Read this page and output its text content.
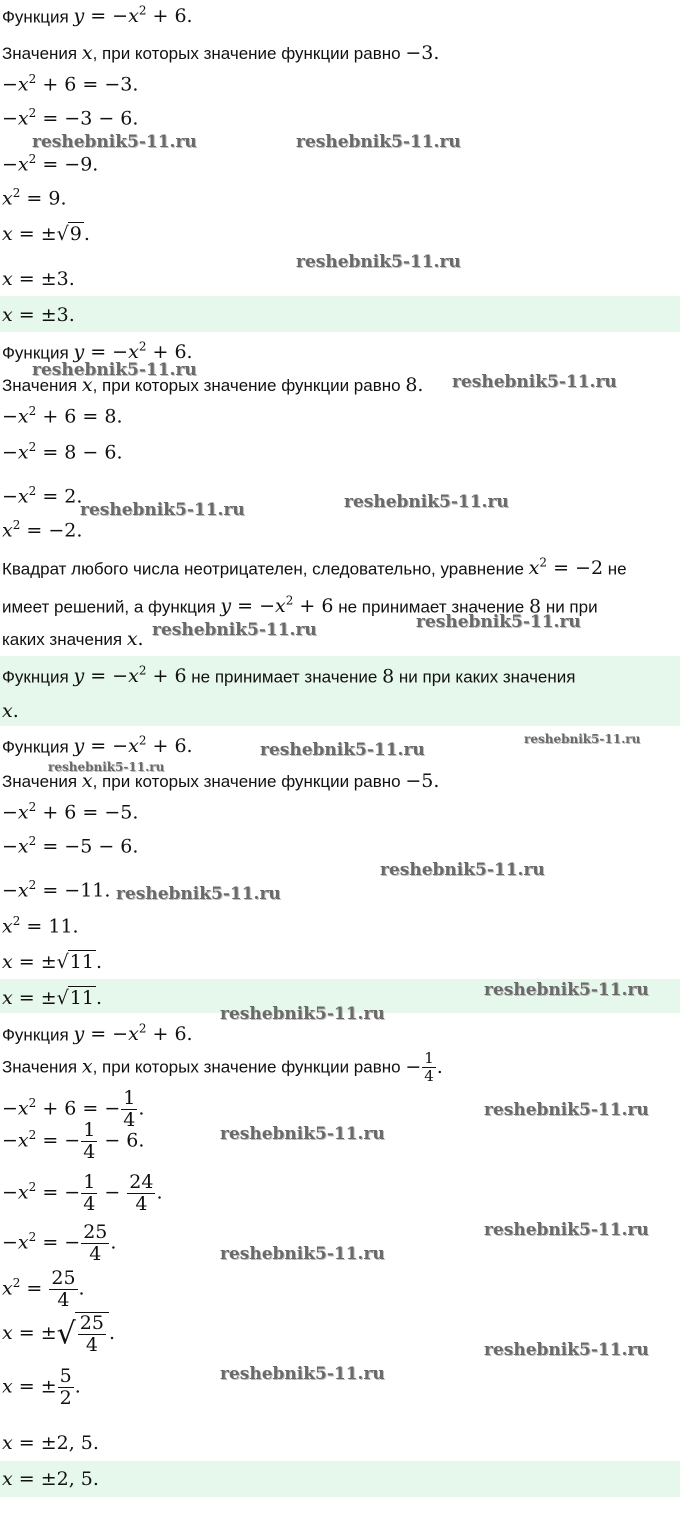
Функция $y = -x^2 + 6$.
Значения x, при которых значение функции равно −3.
$-x^2 + 6 = -3$.
$-x^2 = -3 - 6$.
$-x^2 = -9$.
$x^2 = 9$.
x = ±√9 .
x = ±3.
x = ±3.
Функция $y = -x^2 + 6$.
Значения x, при которых значение функции равно 8.
$-x^2 + 6 = 8$.
$-x^2 = 8 - 6$.
$-x^2 = 2$.
$x^2 = -2$.
Квадрат любого числа неотрицателен, следовательно, уравнение $x^2 = -2$ не
имеет решений, а функция $y = -x^2 + 6$ не принимает значение 8 ни при
каких значения x.
Фукнция $y = -x^2 + 6$ не принимает значение 8 ни при каких значения
x.
Функция $y = -x^2 + 6$.
Значения x, при которых значение функции равно −5.
$-x^2 + 6 = -5$.
$-x^2 = -5 - 6$.
$-x^2 = -11$.
$x^2 = 11$.
x = ±√11 .
x = ±√11 .
Функция $y = -x^2 + 6$.
Значения x, при которых значение функции равно − $\frac{1}{4}$ .
$-x^2 + 6$ = − $\frac{1}{4}$ .
$-x^2$ = − $\frac{1}{4} - 6$.
$-x^2$ = − $\frac{1}{4} - \frac{24}{4}$ .
$-x^2$ = − $\frac{25}{4}$ .
$x^2 = \frac{25}{4}$ .
x = ±√ $\frac{25}{4}$ .
x = ± $\frac{5}{2}$ .
x = ±2, 5.
x = ±2, 5.
reshebnik5-11.ru	reshebnik5-11.ru
reshebnik5-11.ru
reshebnik5-11.ru
reshebnik5-11.ru
reshebnik5-11.ru
reshebnik5-11.ru
reshebnik5-11.ru	reshebnik5-11.ru
reshebnik5-11.ru
reshebnik5-11.ru
reshebnik5-11.ru
reshebnik5-11.ru
reshebnik5-11.ru
reshebnik5-11.ru
reshebnik5-11.ru
reshebnik5-11.ru
reshebnik5-11.ru
reshebnik5-11.ru
reshebnik5-11.ru
reshebnik5-11.ru
reshebnik5-11.ru
